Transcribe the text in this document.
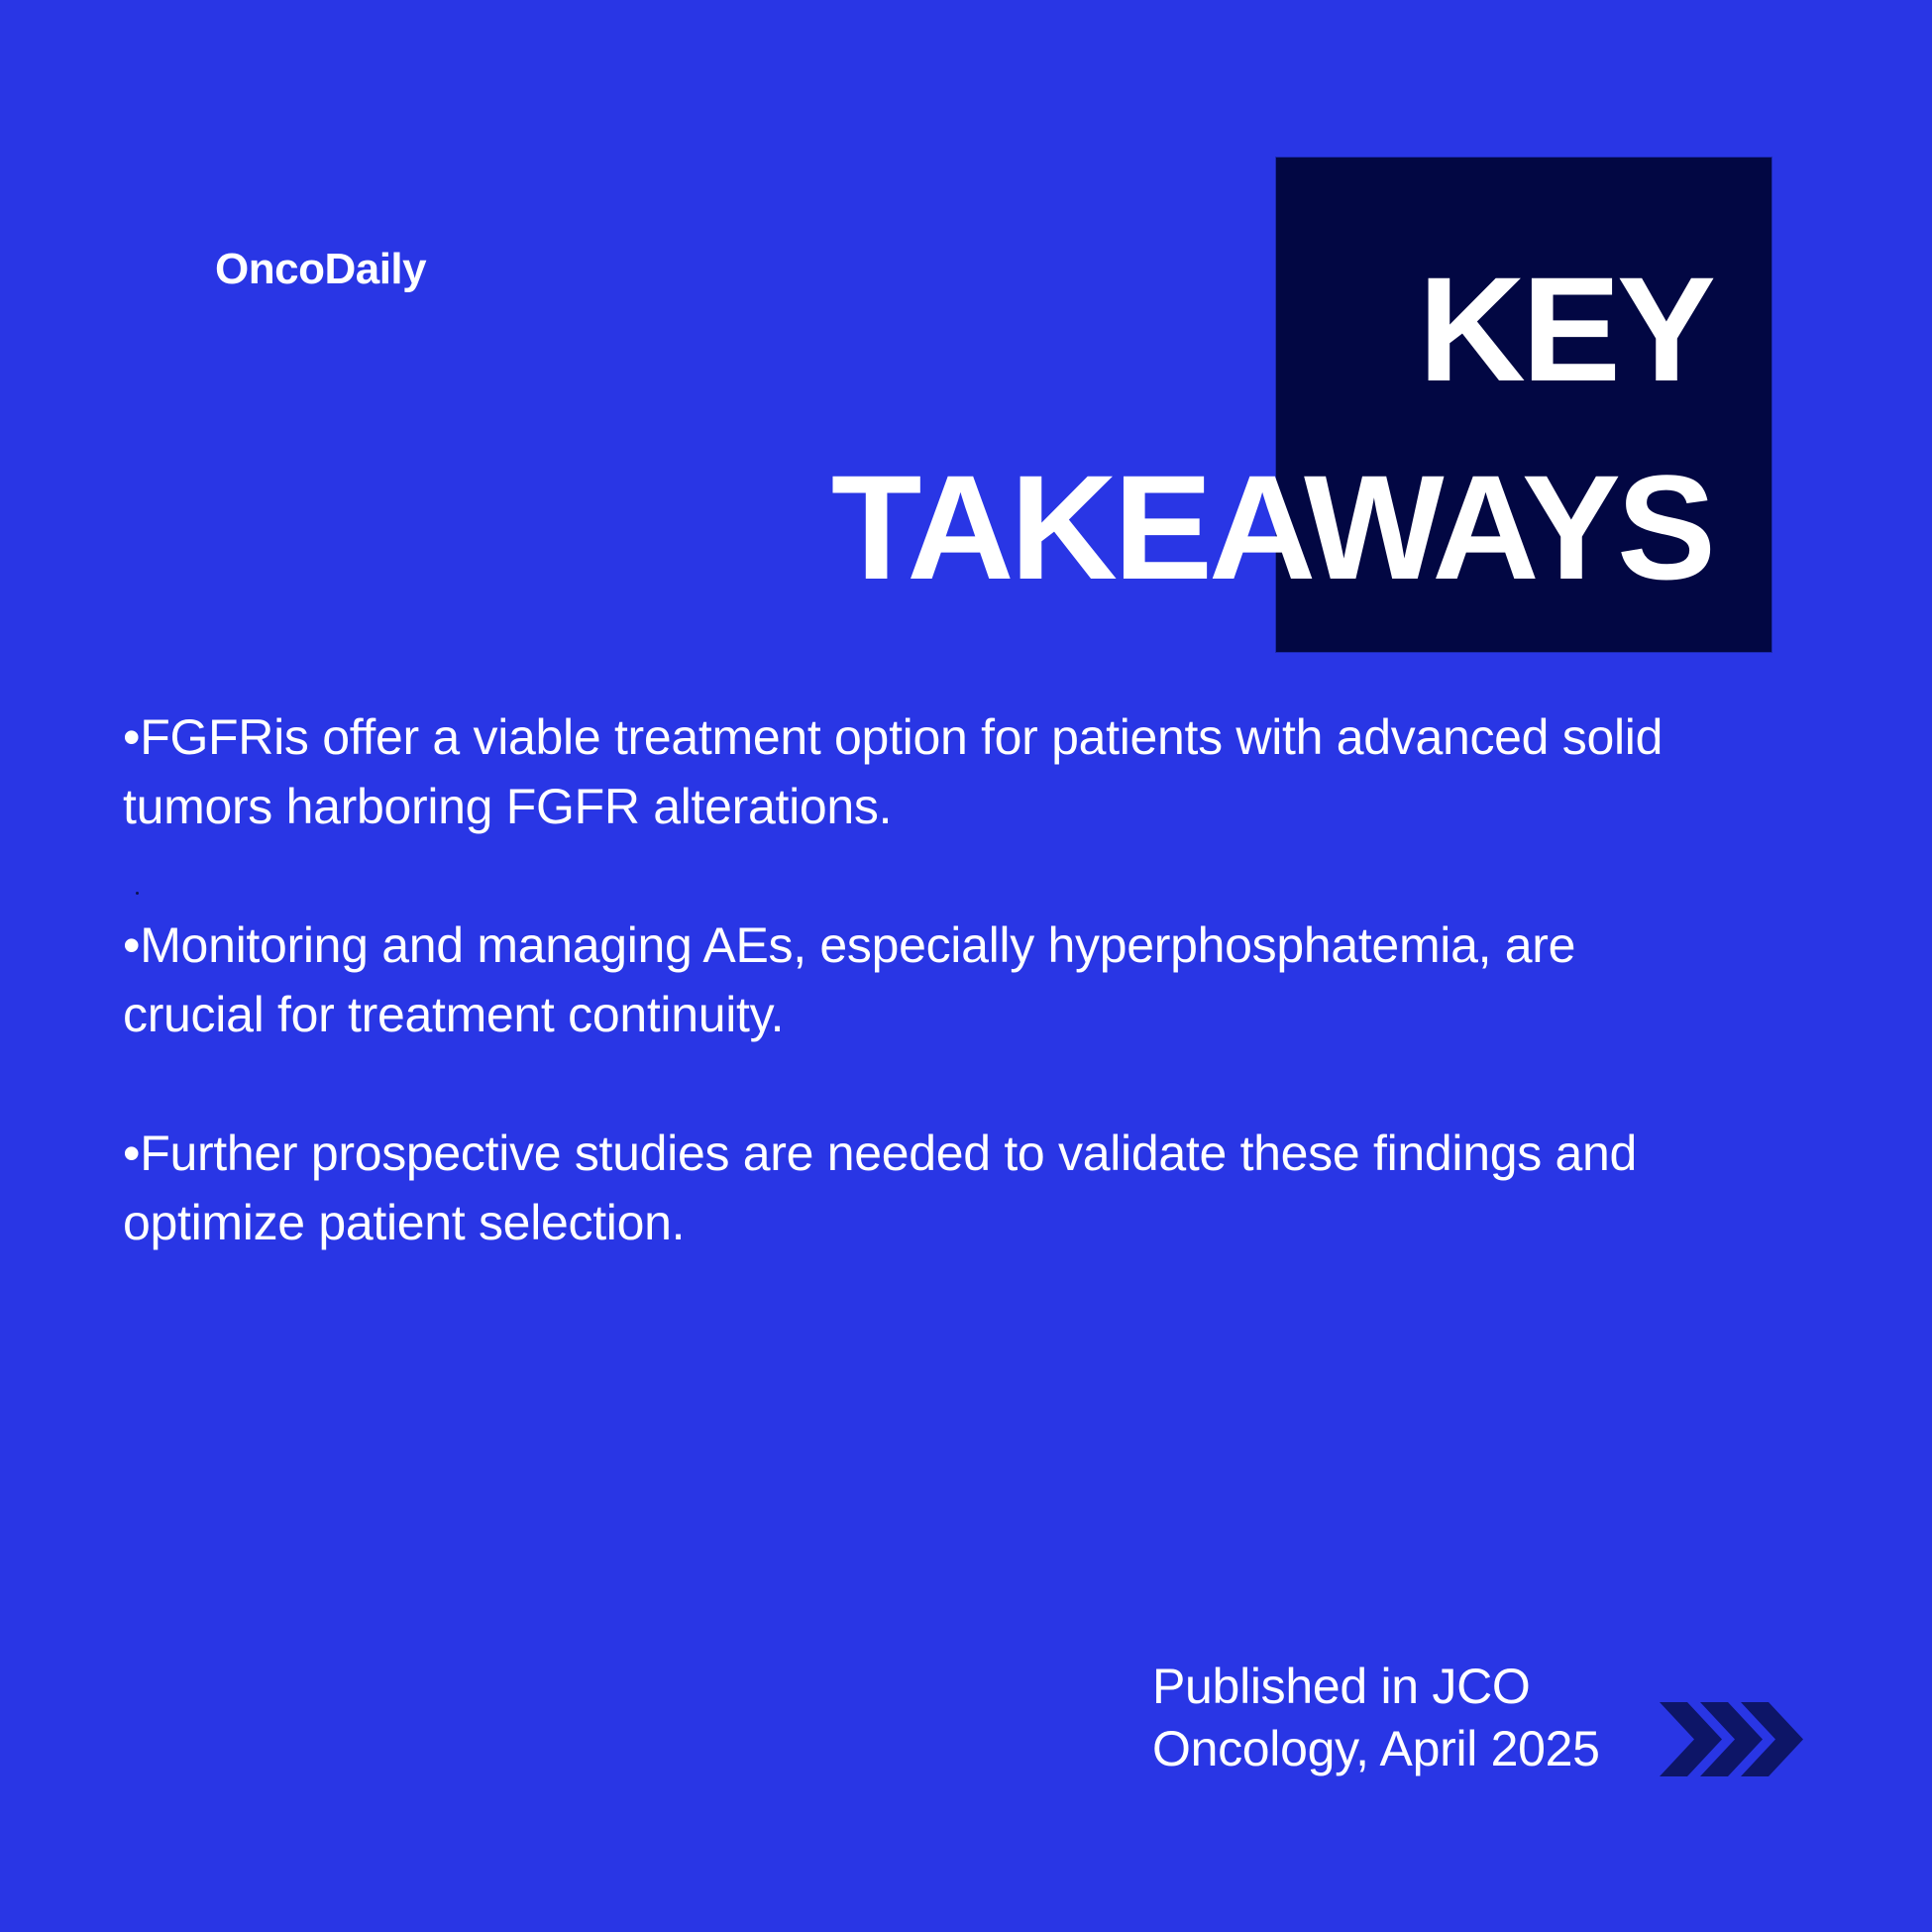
OncoDaily	KEY
TAKEAWAYS

•FGFRis offer a viable treatment option for patients with advanced solid tumors harboring FGFR alterations.

•Monitoring and managing AEs, especially hyperphosphatemia, are crucial for treatment continuity.

•Further prospective studies are needed to validate these findings and optimize patient selection.

Published in JCO
Oncology, April 2025
